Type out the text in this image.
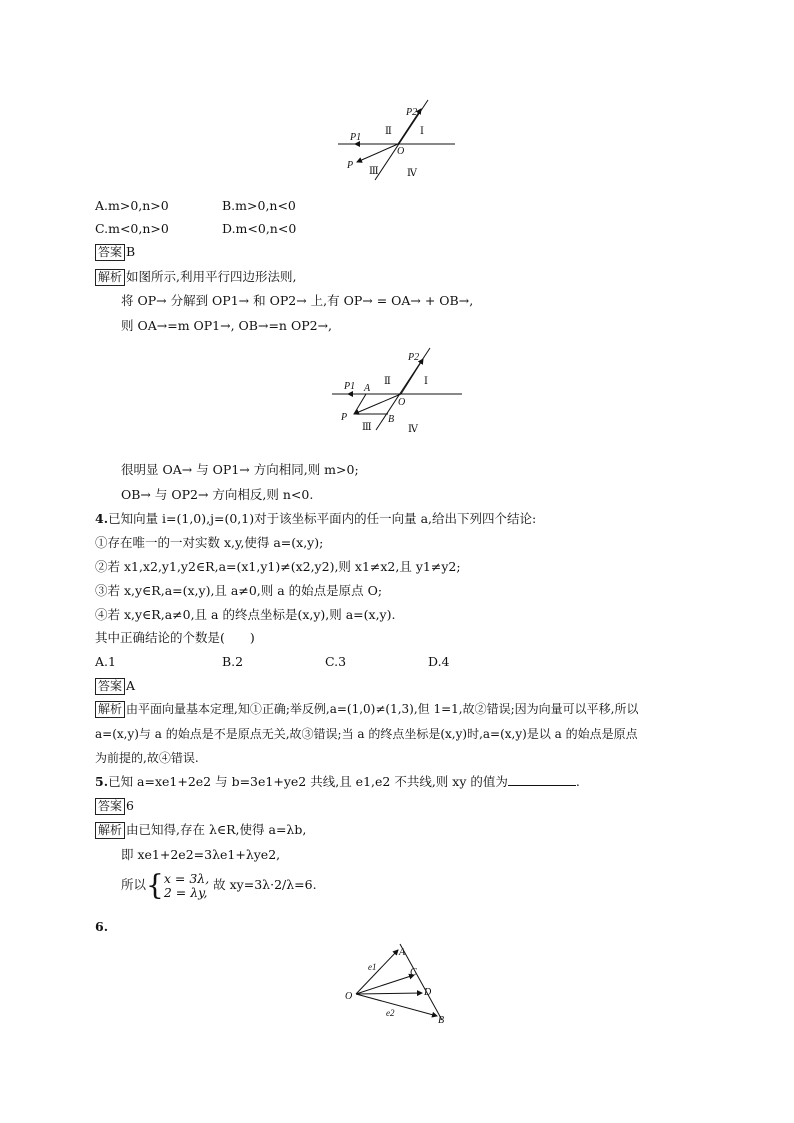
P2
Ⅰ
Ⅱ
P1
O
P
Ⅲ	Ⅳ
A.m>0,n>0	B.m>0,n<0
C.m<0,n>0	D.m<0,n<0
答案 B
解析 如图所示,利用平行四边形法则,
将 OP→ 分解到 OP1→ 和 OP2→ 上,有 OP→ = OA→ + OB→,
则 OA→=m OP1→, OB→=n OP2→,
P2
Ⅰ
Ⅱ
P1 A
O
P	B
Ⅲ	Ⅳ
很明显 OA→ 与 OP1→ 方向相同,则 m>0;
OB→ 与 OP2→ 方向相反,则 n<0.
4.已知向量 i=(1,0),j=(0,1)对于该坐标平面内的任一向量 a,给出下列四个结论:
①存在唯一的一对实数 x,y,使得 a=(x,y);
②若 x1,x2,y1,y2∈R,a=(x1,y1)≠(x2,y2),则 x1≠x2,且 y1≠y2;
③若 x,y∈R,a=(x,y),且 a≠0,则 a 的始点是原点 O;
④若 x,y∈R,a≠0,且 a 的终点坐标是(x,y),则 a=(x,y).
其中正确结论的个数是(　　)
A.1	B.2	C.3	D.4
答案 A
解析 由平面向量基本定理,知①正确;举反例,a=(1,0)≠(1,3),但 1=1,故②错误;因为向量可以平移,所以
a=(x,y)与 a 的始点是不是原点无关,故③错误;当 a 的终点坐标是(x,y)时,a=(x,y)是以 a 的始点是原点
为前提的,故④错误.
5.已知 a=xe1+2e2 与 b=3e1+ye2 共线,且 e1,e2 不共线,则 xy 的值为	.
答案 6
解析 由已知得,存在 λ∈R,使得 a=λb,
即 xe1+2e2=3λe1+λye2,
所以{x = 3λ,
2 = λy, 故 xy=3λ·2/λ=6.
6.
A
e1	C
D
O
e2
B
